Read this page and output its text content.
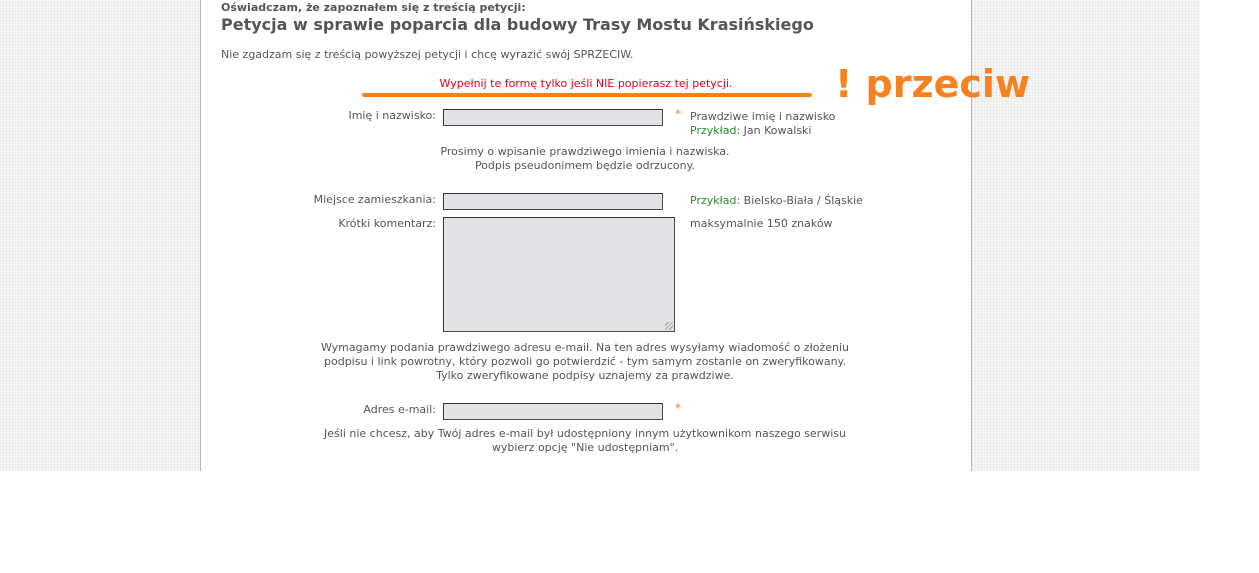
Oświadczam, że zapoznałem się z treścią petycji:
Petycja w sprawie poparcia dla budowy Trasy Mostu Krasińskiego
Nie zgadzam się z treścią powyższej petycji i chcę wyrazić swój SPRZECIW.
Wypełnij te formę tylko jeśli NIE popierasz tej petycji.	! przeciw
Imię i nazwisko:	* Prawdziwe imię i nazwisko
Przykład: Jan Kowalski
Prosimy o wpisanie prawdziwego imienia i nazwiska.
Podpis pseudonimem będzie odrzucony.
Miejsce zamieszkania:	Przykład: Bielsko-Biała / Śląskie
Krótki komentarz:	maksymalnie 150 znaków
Wymagamy podania prawdziwego adresu e-mail. Na ten adres wysyłamy wiadomość o złożeniu
podpisu i link powrotny, który pozwoli go potwierdzić - tym samym zostanie on zweryfikowany.
Tylko zweryfikowane podpisy uznajemy za prawdziwe.
Adres e-mail:	*
Jeśli nie chcesz, aby Twój adres e-mail był udostępniony innym użytkownikom naszego serwisu
wybierz opcję "Nie udostępniam".
